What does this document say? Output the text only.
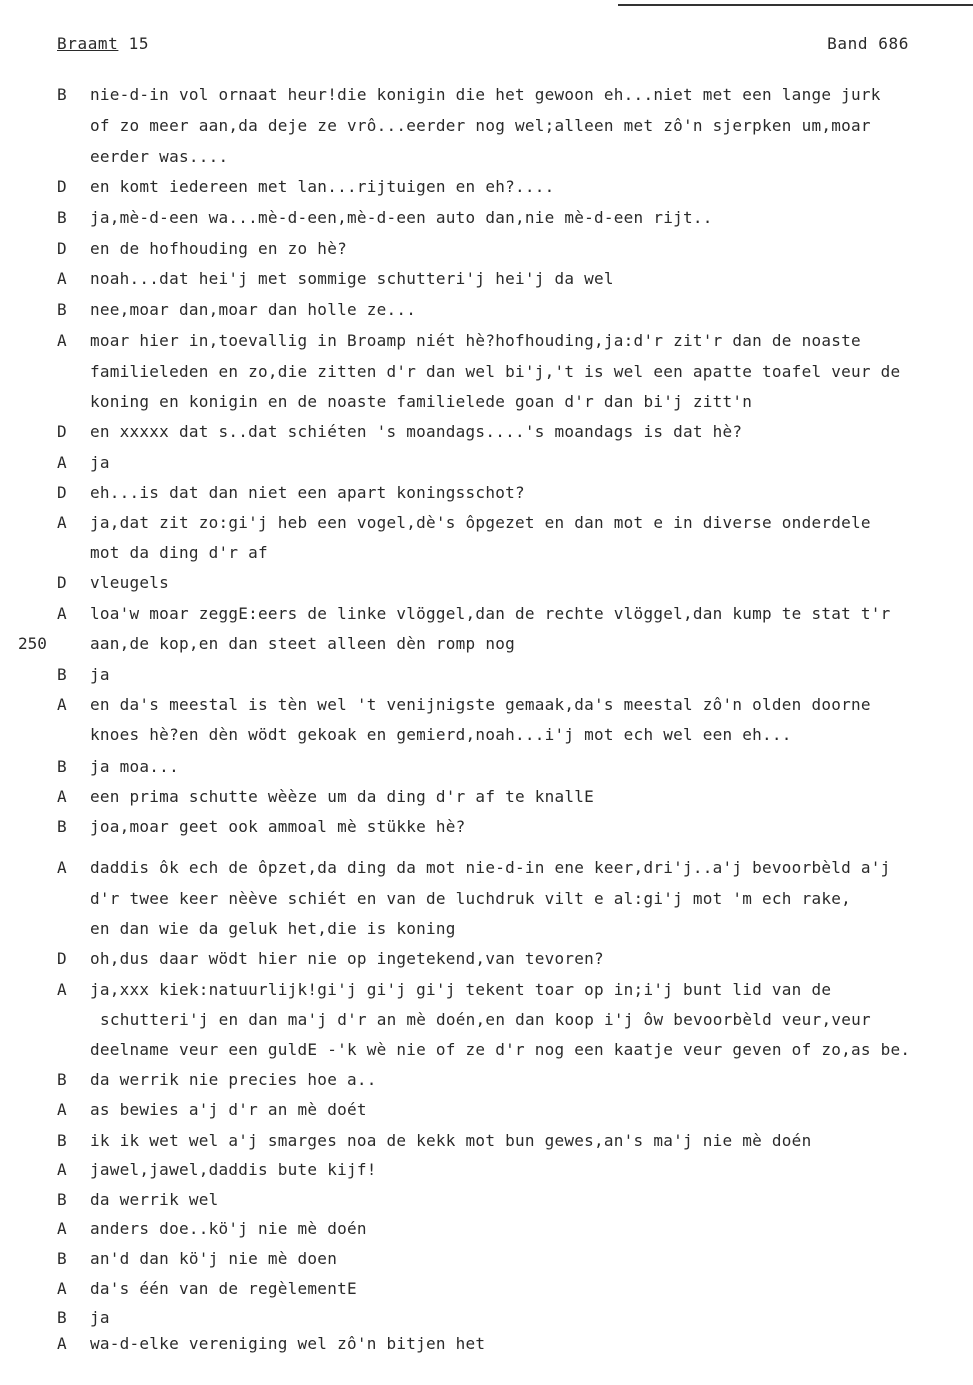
Braamt 15	Band 686
B nie-d-in vol ornaat heur!die konigin die het gewoon eh...niet met een lange jurk
of zo meer aan,da deje ze vrô...eerder nog wel;alleen met zô'n sjerpken um,moar
eerder was....
D en komt iedereen met lan...rijtuigen en eh?....
B ja,mè-d-een wa...mè-d-een,mè-d-een auto dan,nie mè-d-een rijt..
D en de hofhouding en zo hè?
A noah...dat hei'j met sommige schutteri'j hei'j da wel
B nee,moar dan,moar dan holle ze...
A moar hier in,toevallig in Broamp niét hè?hofhouding,ja:d'r zit'r dan de noaste
familieleden en zo,die zitten d'r dan wel bi'j,'t is wel een apatte toafel veur de
koning en konigin en de noaste familielede goan d'r dan bi'j zitt'n
D en xxxxx dat s..dat schiéten 's moandags....'s moandags is dat hè?
A ja
D eh...is dat dan niet een apart koningsschot?
A ja,dat zit zo:gi'j heb een vogel,dè's ôpgezet en dan mot e in diverse onderdele
mot da ding d'r af
D vleugels
A loa'w moar zeggE:eers de linke vlöggel,dan de rechte vlöggel,dan kump te stat t'r
aan,de kop,en dan steet alleen dèn romp nog
250
B ja
A en da's meestal is tèn wel 't venijnigste gemaak,da's meestal zô'n olden doorne
knoes hè?en dèn wödt gekoak en gemierd,noah...i'j mot ech wel een eh...
B ja moa...
A een prima schutte wèèze um da ding d'r af te knallE
B joa,moar geet ook ammoal mè stükke hè?
A daddis ôk ech de ôpzet,da ding da mot nie-d-in ene keer,dri'j..a'j bevoorbèld a'j
d'r twee keer nèève schiét en van de luchdruk vilt e al:gi'j mot 'm ech rake,
en dan wie da geluk het,die is koning
D oh,dus daar wödt hier nie op ingetekend,van tevoren?
A ja,xxx kiek:natuurlijk!gi'j gi'j gi'j tekent toar op in;i'j bunt lid van de
schutteri'j en dan ma'j d'r an mè doén,en dan koop i'j ôw bevoorbèld veur,veur
deelname veur een guldE -'k wè nie of ze d'r nog een kaatje veur geven of zo,as be.
B da werrik nie precies hoe a..
A as bewies a'j d'r an mè doét
B ik ik wet wel a'j smarges noa de kekk mot bun gewes,an's ma'j nie mè doén
A jawel,jawel,daddis bute kijf!
B da werrik wel
A anders doe..kö'j nie mè doén
B an'd dan kö'j nie mè doen
A da's één van de regèlementE
B ja
A wa-d-elke vereniging wel zô'n bitjen het
